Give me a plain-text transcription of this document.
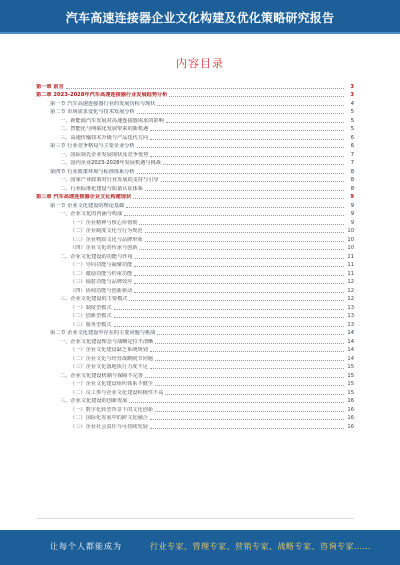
汽车高速连接器企业文化构建及优化策略研究报告
内容目录
第一章 前言	3
第二章 2023-2028年汽车高速连接器行业发展趋势分析	3
第一节 汽车高速连接器行业的发展历程与现状	4
第二节 市场需求变化与技术发展分析	5
一、新能源汽车发展对高速连接器需求的影响	5
二、智能化与网联化发展带来的新机遇	5
三、高速传输技术升级与产品迭代方向	6
第三节 行业竞争格局与主要企业分析	6
一、国际领先企业发展现状及竞争优势	7
二、国内企业2023-2028年发展机遇与挑战	7
第四节 行业政策环境与标准体系分析	8
一、国家产业政策对行业发展的支持与引导	8
二、行业标准化建设与质量认证体系	8
第三章 汽车高速连接器企业文化构建现状	9
第一节 企业文化建设的理论基础	9
一、企业文化的内涵与构成	9
（一）企业精神与核心价值观	9
（二）企业制度文化与行为规范	10
（三）企业物质文化与品牌形象	10
（四）企业文化的传承与创新	10
二、企业文化建设的功能与作用	11
（一）导向功能与凝聚功能	11
（二）激励功能与约束功能	11
（三）辐射功能与品牌效应	12
（四）协调功能与创新驱动	12
三、企业文化建设的主要模式	12
（一）制度型模式	13
（二）创新型模式	13
（三）服务型模式	13
第二节 企业文化建设中存在的主要问题与挑战	14
一、企业文化建设理念与战略定位不清晰	14
（一）企业文化建设缺乏系统规划	14
（二）企业文化与经营战略脱节问题	14
（三）企业文化落地执行力度不足	15
二、企业文化建设机制与保障不完善	15
（一）企业文化建设组织体系不健全	15
（二）员工参与企业文化建设积极性不高	15
三、企业文化建设的创新发展	16
（一）数字化转型背景下的文化创新	16
（二）国际化发展中的跨文化融合	16
（三）企业社会责任与可持续发展	16
让每个人都能成为	行业专家、管理专家、营销专家、战略专家、咨询专家……
